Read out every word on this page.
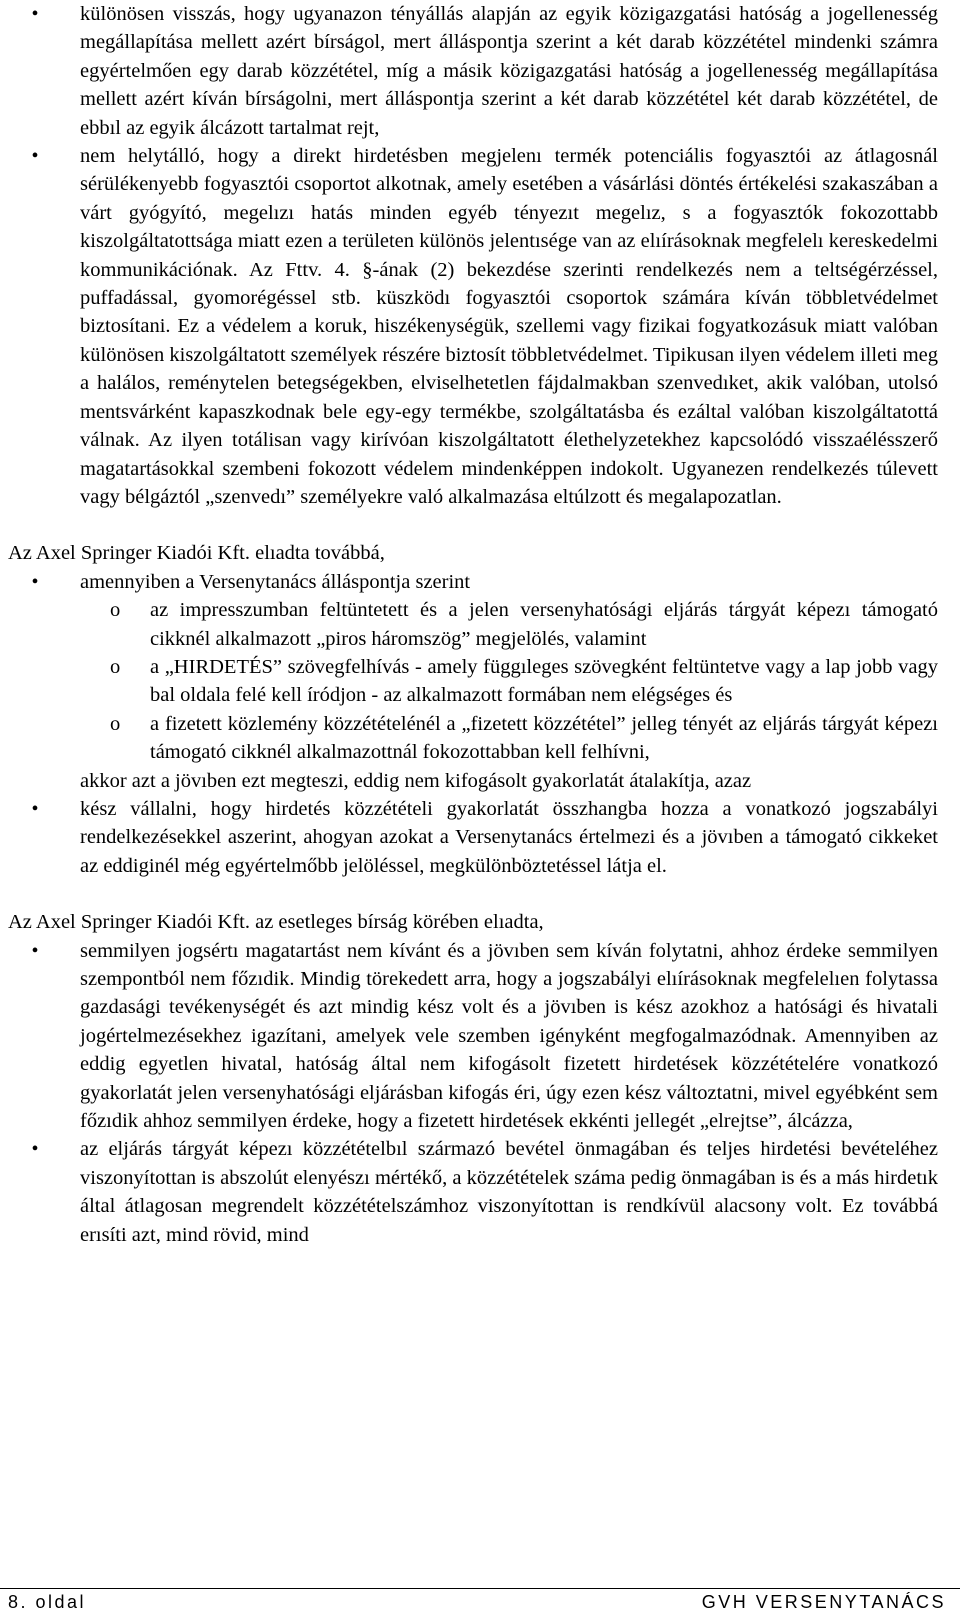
• különösen visszás, hogy ugyanazon tényállás alapján az egyik közigazgatási hatóság a jogellenesség megállapítása mellett azért bírságol, mert álláspontja szerint a két darab közzététel mindenki számra egyértelmően egy darab közzététel, míg a másik közigazgatási hatóság a jogellenesség megállapítása mellett azért kíván bírságolni, mert álláspontja szerint a két darab közzététel két darab közzététel, de ebbıl az egyik álcázott tartalmat rejt,
• nem helytálló, hogy a direkt hirdetésben megjelenı termék potenciális fogyasztói az átlagosnál sérülékenyebb fogyasztói csoportot alkotnak, amely esetében a vásárlási döntés értékelési szakaszában a várt gyógyító, megelızı hatás minden egyéb tényezıt megelız, s a fogyasztók fokozottabb kiszolgáltatottsága miatt ezen a területen különös jelentısége van az elıírásoknak megfelelı kereskedelmi kommunikációnak. Az Fttv. 4. §-ának (2) bekezdése szerinti rendelkezés nem a teltségérzéssel, puffadással, gyomorégéssel stb. küszködı fogyasztói csoportok számára kíván többletvédelmet biztosítani. Ez a védelem a koruk, hiszékenységük, szellemi vagy fizikai fogyatkozásuk miatt valóban különösen kiszolgáltatott személyek részére biztosít többletvédelmet. Tipikusan ilyen védelem illeti meg a halálos, reménytelen betegségekben, elviselhetetlen fájdalmakban szenvedıket, akik valóban, utolsó mentsvárként kapaszkodnak bele egy-egy termékbe, szolgáltatásba és ezáltal valóban kiszolgáltatottá válnak. Az ilyen totálisan vagy kirívóan kiszolgáltatott élethelyzetekhez kapcsolódó visszaélésszerő magatartásokkal szembeni fokozott védelem mindenképpen indokolt. Ugyanezen rendelkezés túlevett vagy bélgáztól „szenvedı” személyekre való alkalmazása eltúlzott és megalapozatlan.

Az Axel Springer Kiadói Kft. elıadta továbbá,

• amennyiben a Versenytanács álláspontja szerint
o az impresszumban feltüntetett és a jelen versenyhatósági eljárás tárgyát képezı támogató cikknél alkalmazott „piros háromszög” megjelölés, valamint
o a „HIRDETÉS” szövegfelhívás - amely függıleges szövegként feltüntetve vagy a lap jobb vagy bal oldala felé kell íródjon - az alkalmazott formában nem elégséges és
o a fizetett közlemény közzétételénél a „fizetett közzététel” jelleg tényét az eljárás tárgyát képezı támogató cikknél alkalmazottnál fokozottabban kell felhívni,

akkor azt a jövıben ezt megteszi, eddig nem kifogásolt gyakorlatát átalakítja, azaz

• kész vállalni, hogy hirdetés közzétételi gyakorlatát összhangba hozza a vonatkozó jogszabályi rendelkezésekkel aszerint, ahogyan azokat a Versenytanács értelmezi és a jövıben a támogató cikkeket az eddiginél még egyértelmőbb jelöléssel, megkülönböztetéssel látja el.

Az Axel Springer Kiadói Kft. az esetleges bírság körében elıadta,

• semmilyen jogsértı magatartást nem kívánt és a jövıben sem kíván folytatni, ahhoz érdeke semmilyen szempontból nem főzıdik. Mindig törekedett arra, hogy a jogszabályi elıírásoknak megfelelıen folytassa gazdasági tevékenységét és azt mindig kész volt és a jövıben is kész azokhoz a hatósági és hivatali jogértelmezésekhez igazítani, amelyek vele szemben igényként megfogalmazódnak. Amennyiben az eddig egyetlen hivatal, hatóság által nem kifogásolt fizetett hirdetések közzétételére vonatkozó gyakorlatát jelen versenyhatósági eljárásban kifogás éri, úgy ezen kész változtatni, mivel egyébként sem főzıdik ahhoz semmilyen érdeke, hogy a fizetett hirdetések ekkénti jellegét „elrejtse”, álcázza,
• az eljárás tárgyát képezı közzétételbıl származó bevétel önmagában és teljes hirdetési bevételéhez viszonyítottan is abszolút elenyészı mértékő, a közzétételek száma pedig önmagában is és a más hirdetık által átlagosan megrendelt közzétételszámhoz viszonyítottan is rendkívül alacsony volt. Ez továbbá erısíti azt, mind rövid, mind
8. oldal	GVH VERSENYTANÁCS
